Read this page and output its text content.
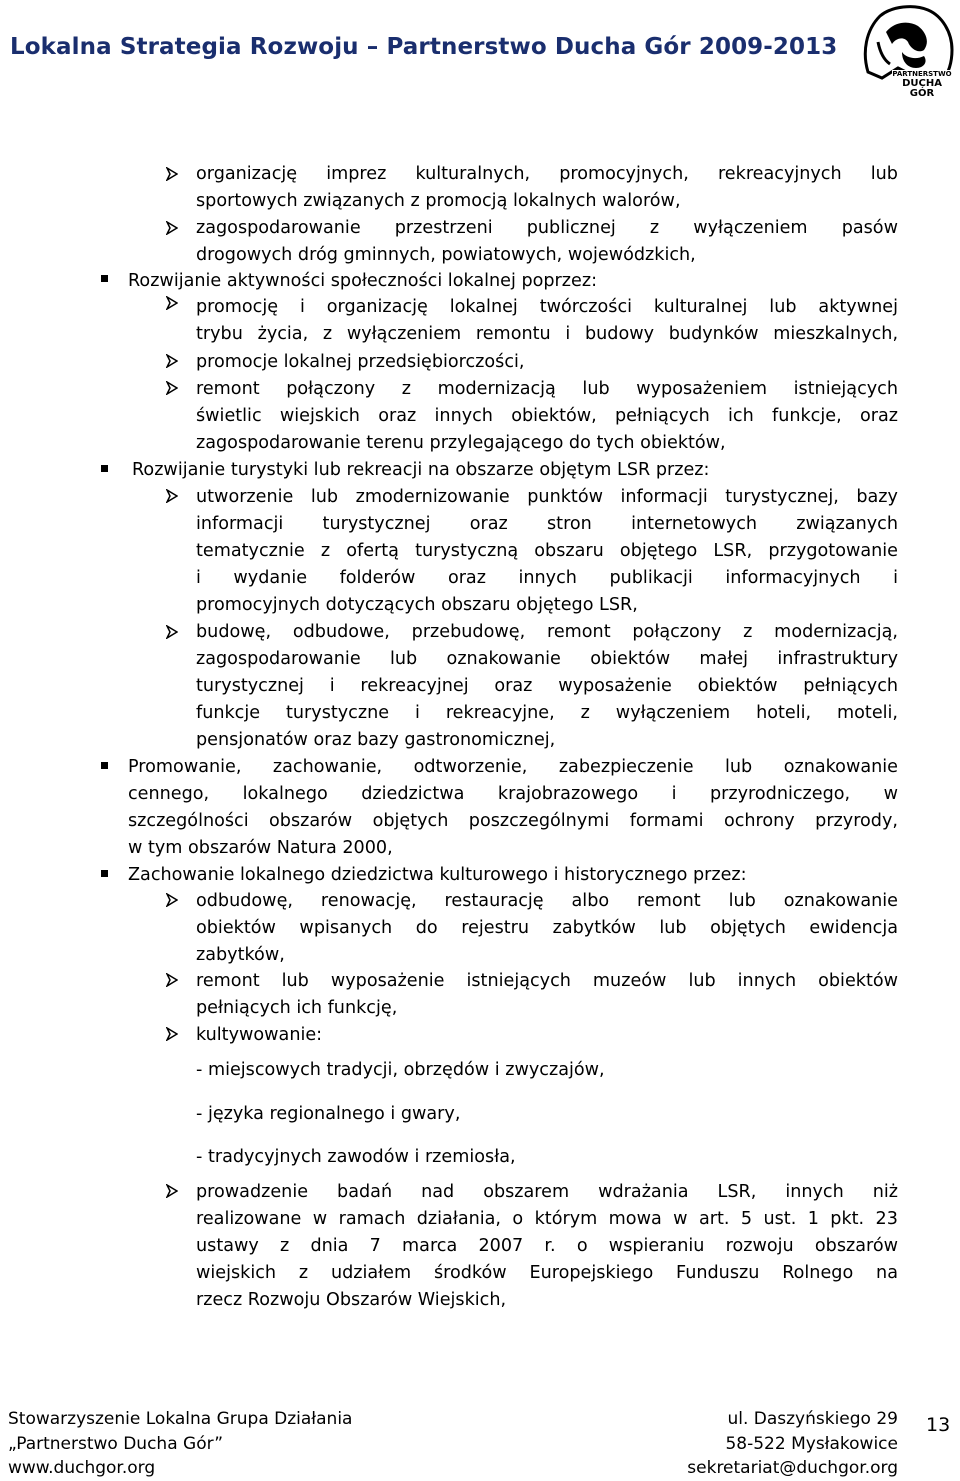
Lokalna Strategia Rozwoju – Partnerstwo Ducha Gór 2009-2013
PARTNERSTWO
DUCHA
GÓR
organizację imprez kulturalnych, promocyjnych, rekreacyjnych lub
sportowych związanych z promocją lokalnych walorów,
zagospodarowanie przestrzeni publicznej z wyłączeniem pasów
drogowych dróg gminnych, powiatowych, wojewódzkich,
Rozwijanie aktywności społeczności lokalnej poprzez:
promocję i organizację lokalnej twórczości kulturalnej lub aktywnej
trybu życia, z wyłączeniem remontu i budowy budynków mieszkalnych,
promocje lokalnej przedsiębiorczości,
remont połączony z modernizacją lub wyposażeniem istniejących
świetlic wiejskich oraz innych obiektów, pełniących ich funkcje, oraz
zagospodarowanie terenu przylegającego do tych obiektów,
Rozwijanie turystyki lub rekreacji na obszarze objętym LSR przez:
utworzenie lub zmodernizowanie punktów informacji turystycznej, bazy
informacji turystycznej oraz stron internetowych związanych
tematycznie z ofertą turystyczną obszaru objętego LSR, przygotowanie
i wydanie folderów oraz innych publikacji informacyjnych i
promocyjnych dotyczących obszaru objętego LSR,
budowę, odbudowe, przebudowę, remont połączony z modernizacją,
zagospodarowanie lub oznakowanie obiektów małej infrastruktury
turystycznej i rekreacyjnej oraz wyposażenie obiektów pełniących
funkcje turystyczne i rekreacyjne, z wyłączeniem hoteli, moteli,
pensjonatów oraz bazy gastronomicznej,
Promowanie, zachowanie, odtworzenie, zabezpieczenie lub oznakowanie
cennego, lokalnego dziedzictwa krajobrazowego i przyrodniczego, w
szczególności obszarów objętych poszczególnymi formami ochrony przyrody,
w tym obszarów Natura 2000,
Zachowanie lokalnego dziedzictwa kulturowego i historycznego przez:
odbudowę, renowację, restaurację albo remont lub oznakowanie
obiektów wpisanych do rejestru zabytków lub objętych ewidencja
zabytków,
remont lub wyposażenie istniejących muzeów lub innych obiektów
pełniących ich funkcję,
kultywowanie:
- miejscowych tradycji, obrzędów i zwyczajów,
- języka regionalnego i gwary,
- tradycyjnych zawodów i rzemiosła,
prowadzenie badań nad obszarem wdrażania LSR, innych niż
realizowane w ramach działania, o którym mowa w art. 5 ust. 1 pkt. 23
ustawy z dnia 7 marca 2007 r. o wspieraniu rozwoju obszarów
wiejskich z udziałem środków Europejskiego Funduszu Rolnego na
rzecz Rozwoju Obszarów Wiejskich,
Stowarzyszenie Lokalna Grupa Działania
„Partnerstwo Ducha Gór”
www.duchgor.org
ul. Daszyńskiego 29
58-522 Mysłakowice
sekretariat@duchgor.org
13
